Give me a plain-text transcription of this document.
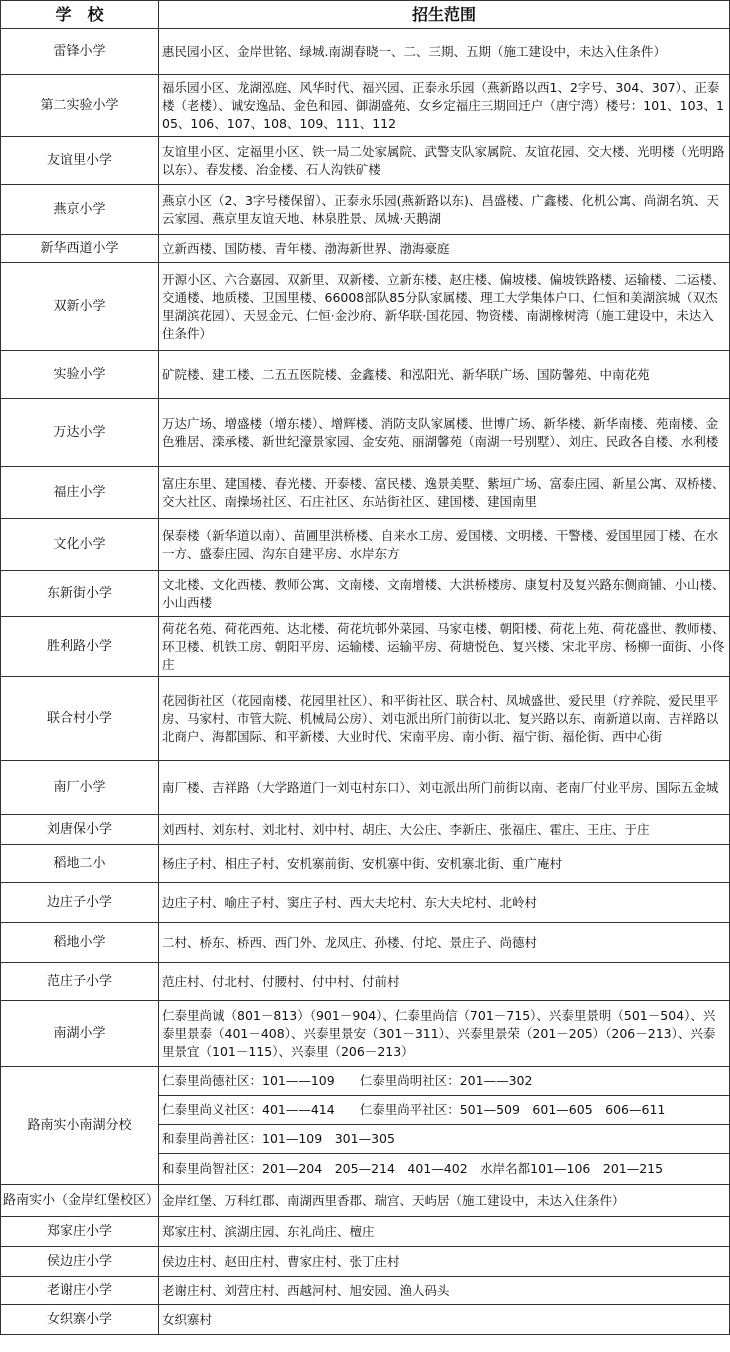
学　校	招生范围
雷锋小学	惠民园小区、金岸世铭、绿城.南湖春晓一、二、三期、五期（施工建设中，未达入住条件）
第二实验小学	福乐园小区、龙湖泓庭、风华时代、福兴园、正泰永乐园（燕新路以西1、2字号、304、307）、正泰楼（老楼）、诚安逸品、金色和园、御湖盛苑、女乡定福庄三期回迁户（唐宁湾）楼号：101、103、105、106、107、108、109、111、112
友谊里小学	友谊里小区、定福里小区、铁一局二处家属院、武警支队家属院、友谊花园、交大楼、光明楼（光明路以东）、春发楼、冶金楼、石人沟铁矿楼
燕京小学	燕京小区（2、3字号楼保留）、正泰永乐园(燕新路以东)、昌盛楼、广鑫楼、化机公寓、尚湖名筑、天云家园、燕京里友谊天地、林泉胜景、凤城·天鹅湖
新华西道小学	立新西楼、国防楼、青年楼、渤海新世界、渤海豪庭
双新小学	开源小区、六合嘉园、双新里、双新楼、立新东楼、赵庄楼、偏坡楼、偏坡铁路楼、运输楼、二运楼、交通楼、地质楼、卫国里楼、66008部队85分队家属楼、理工大学集体户口、仁恒和美湖滨城（双杰里湖滨花园）、天昱金元、仁恒·金沙府、新华联·国花园、物资楼、南湖橡树湾（施工建设中，未达入住条件）
实验小学	矿院楼、建工楼、二五五医院楼、金鑫楼、和泓阳光、新华联广场、国防馨苑、中南花苑
万达小学	万达广场、增盛楼（增东楼）、增辉楼、消防支队家属楼、世博广场、新华楼、新华南楼、苑南楼、金色雅居、滦承楼、新世纪濠景家园、金安苑、丽湖馨苑（南湖一号别墅）、刘庄、民政各自楼、水利楼
福庄小学	富庄东里、建国楼、春光楼、开泰楼、富民楼、逸景美墅、紫垣广场、富泰庄园、新星公寓、双桥楼、交大社区、南操场社区、石庄社区、东站街社区、建国楼、建国南里
文化小学	保泰楼（新华道以南）、苗圃里洪桥楼、自来水工房、爱国楼、文明楼、干警楼、爱国里园丁楼、在水一方、盛泰庄园、沟东自建平房、水岸东方
东新街小学	文北楼、文化西楼、教师公寓、文南楼、文南增楼、大洪桥楼房、康复村及复兴路东侧商铺、小山楼、小山西楼
胜利路小学	荷花名苑、荷花西苑、达北楼、荷花坑邨外菜园、马家屯楼、朝阳楼、荷花上苑、荷花盛世、教师楼、环卫楼、机铁工房、朝阳平房、运输楼、运输平房、荷塘悦色、复兴楼、宋北平房、杨柳一面街、小佟庄
联合村小学	花园街社区（花园南楼、花园里社区）、和平街社区、联合村、凤城盛世、爱民里（疗养院、爱民里平房、马家村、市管大院、机械局公房）、刘屯派出所门前街以北、复兴路以东、南新道以南、吉祥路以北商户、海都国际、和平新楼、大业时代、宋南平房、南小街、福宁街、福伦街、西中心街
南厂小学	南厂楼、吉祥路（大学路道门一刘屯村东口）、刘屯派出所门前街以南、老南厂付业平房、国际五金城
刘唐保小学	刘西村、刘东村、刘北村、刘中村、胡庄、大公庄、李新庄、张福庄、霍庄、王庄、于庄
稻地二小	杨庄子村、相庄子村、安机寨前街、安机寨中街、安机寨北街、重广庵村
边庄子小学	边庄子村、喻庄子村、窦庄子村、西大夫坨村、东大夫坨村、北岭村
稻地小学	二村、桥东、桥西、西门外、龙凤庄、孙楼、付坨、景庄子、尚德村
范庄子小学	范庄村、付北村、付腰村、付中村、付前村
南湖小学	仁泰里尚诚（801－813）（901－904）、仁泰里尚信（701－715）、兴泰里景明（501－504）、兴泰里景泰（401－408）、兴泰里景安（301－311）、兴泰里景荣（201－205）（206－213）、兴泰里景宜（101－115）、兴泰里（206－213）
路南实小南湖分校	仁泰里尚德社区：101——109　　仁泰里尚明社区：201——302
	仁泰里尚义社区：401——414　　仁泰里尚平社区：501—509　601—605　606—611
	和泰里尚善社区：101—109　301—305
	和泰里尚智社区：201—204　205—214　401—402　水岸名都101—106　201—215
路南实小（金岸红堡校区）	金岸红堡、万科红郡、南湖西里香郡、瑞宫、天屿居（施工建设中，未达入住条件）
郑家庄小学	郑家庄村、滨湖庄园、东礼尚庄、檀庄
侯边庄小学	侯边庄村、赵田庄村、曹家庄村、张丁庄村
老谢庄小学	老谢庄村、刘营庄村、西越河村、旭安园、渔人码头
女织寨小学	女织寨村
